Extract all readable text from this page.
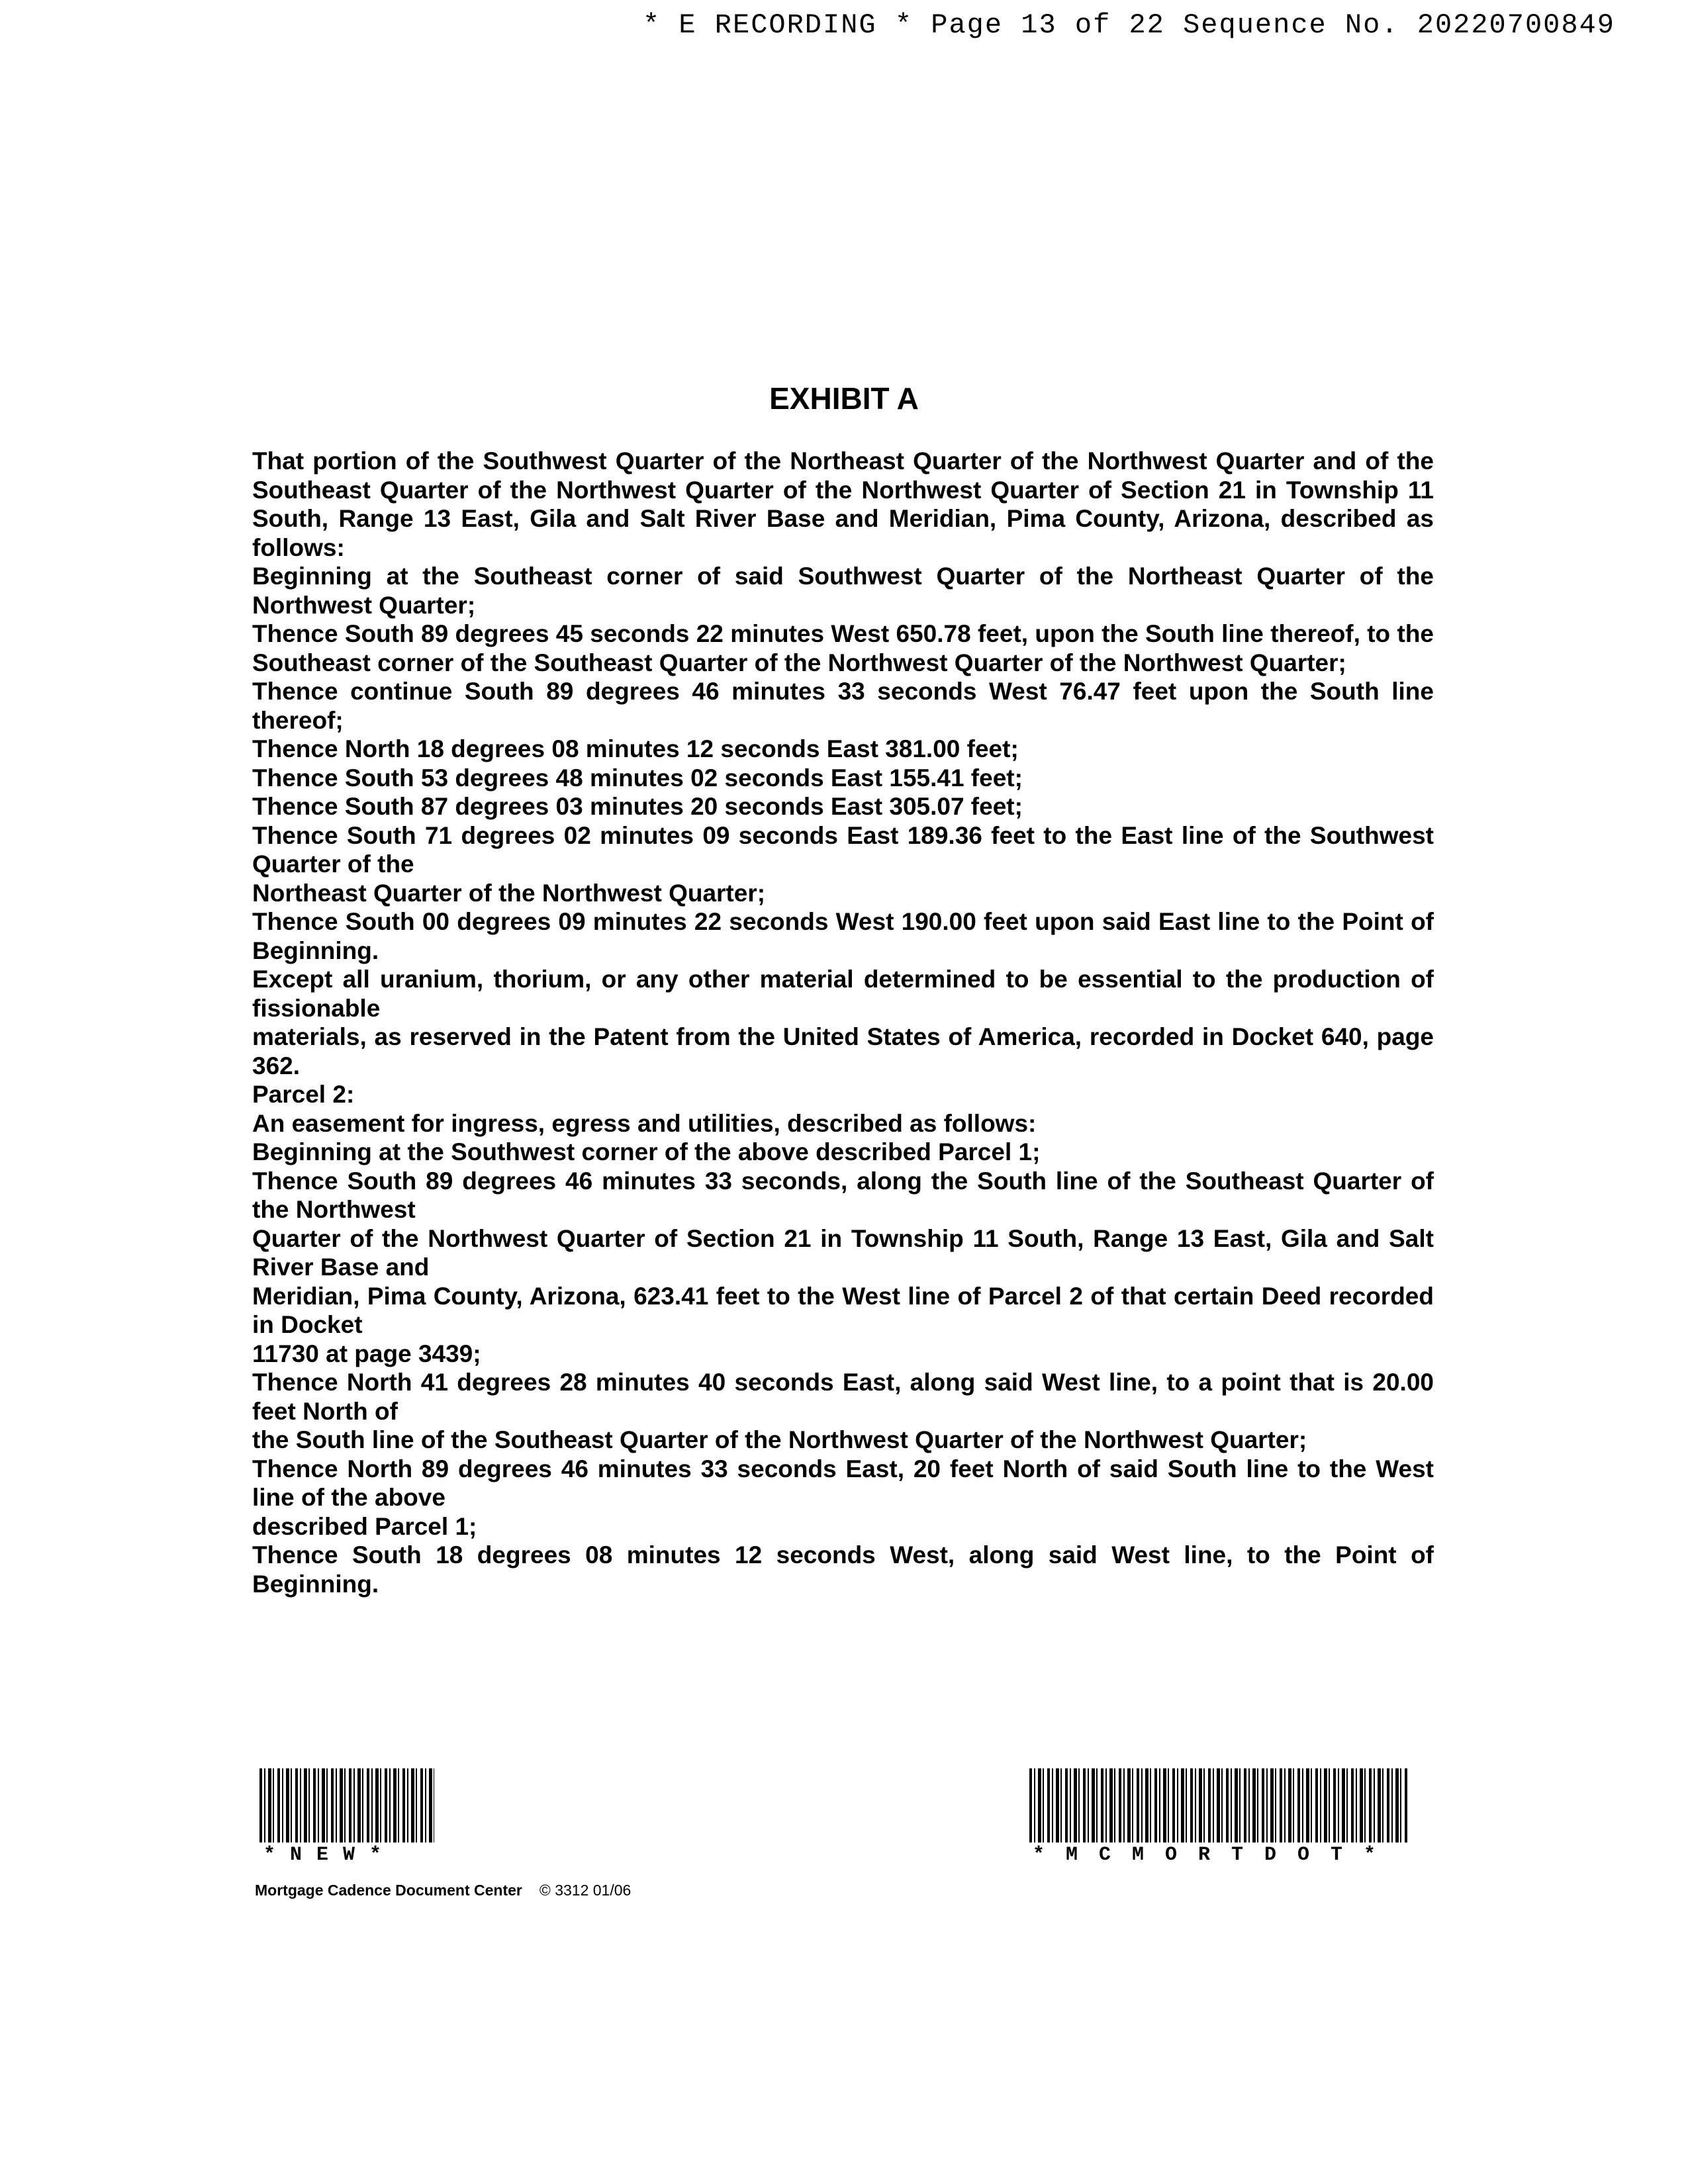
* E RECORDING * Page 13 of 22 Sequence No. 20220700849
EXHIBIT A

That portion of the Southwest Quarter of the Northeast Quarter of the Northwest Quarter and of the Southeast Quarter of the Northwest Quarter of the Northwest Quarter of Section 21 in Township 11 South, Range 13 East, Gila and Salt River Base and Meridian, Pima County, Arizona, described as follows:

Beginning at the Southeast corner of said Southwest Quarter of the Northeast Quarter of the Northwest Quarter;

Thence South 89 degrees 45 seconds 22 minutes West 650.78 feet, upon the South line thereof, to the Southeast corner of the Southeast Quarter of the Northwest Quarter of the Northwest Quarter;

Thence continue South 89 degrees 46 minutes 33 seconds West 76.47 feet upon the South line thereof;

Thence North 18 degrees 08 minutes 12 seconds East 381.00 feet;

Thence South 53 degrees 48 minutes 02 seconds East 155.41 feet;

Thence South 87 degrees 03 minutes 20 seconds East 305.07 feet;

Thence South 71 degrees 02 minutes 09 seconds East 189.36 feet to the East line of the Southwest Quarter of the

Northeast Quarter of the Northwest Quarter;

Thence South 00 degrees 09 minutes 22 seconds West 190.00 feet upon said East line to the Point of Beginning.

Except all uranium, thorium, or any other material determined to be essential to the production of fissionable

materials, as reserved in the Patent from the United States of America, recorded in Docket 640, page 362.

Parcel 2:

An easement for ingress, egress and utilities, described as follows:

Beginning at the Southwest corner of the above described Parcel 1;

Thence South 89 degrees 46 minutes 33 seconds, along the South line of the Southeast Quarter of the Northwest

Quarter of the Northwest Quarter of Section 21 in Township 11 South, Range 13 East, Gila and Salt River Base and

Meridian, Pima County, Arizona, 623.41 feet to the West line of Parcel 2 of that certain Deed recorded in Docket

11730 at page 3439;

Thence North 41 degrees 28 minutes 40 seconds East, along said West line, to a point that is 20.00 feet North of

the South line of the Southeast Quarter of the Northwest Quarter of the Northwest Quarter;

Thence North 89 degrees 46 minutes 33 seconds East, 20 feet North of said South line to the West line of the above

described Parcel 1;

Thence South 18 degrees 08 minutes 12 seconds West, along said West line, to the Point of Beginning.

*NEW*	*MCMORTDOT*
Mortgage Cadence Document Center © 3312 01/06
